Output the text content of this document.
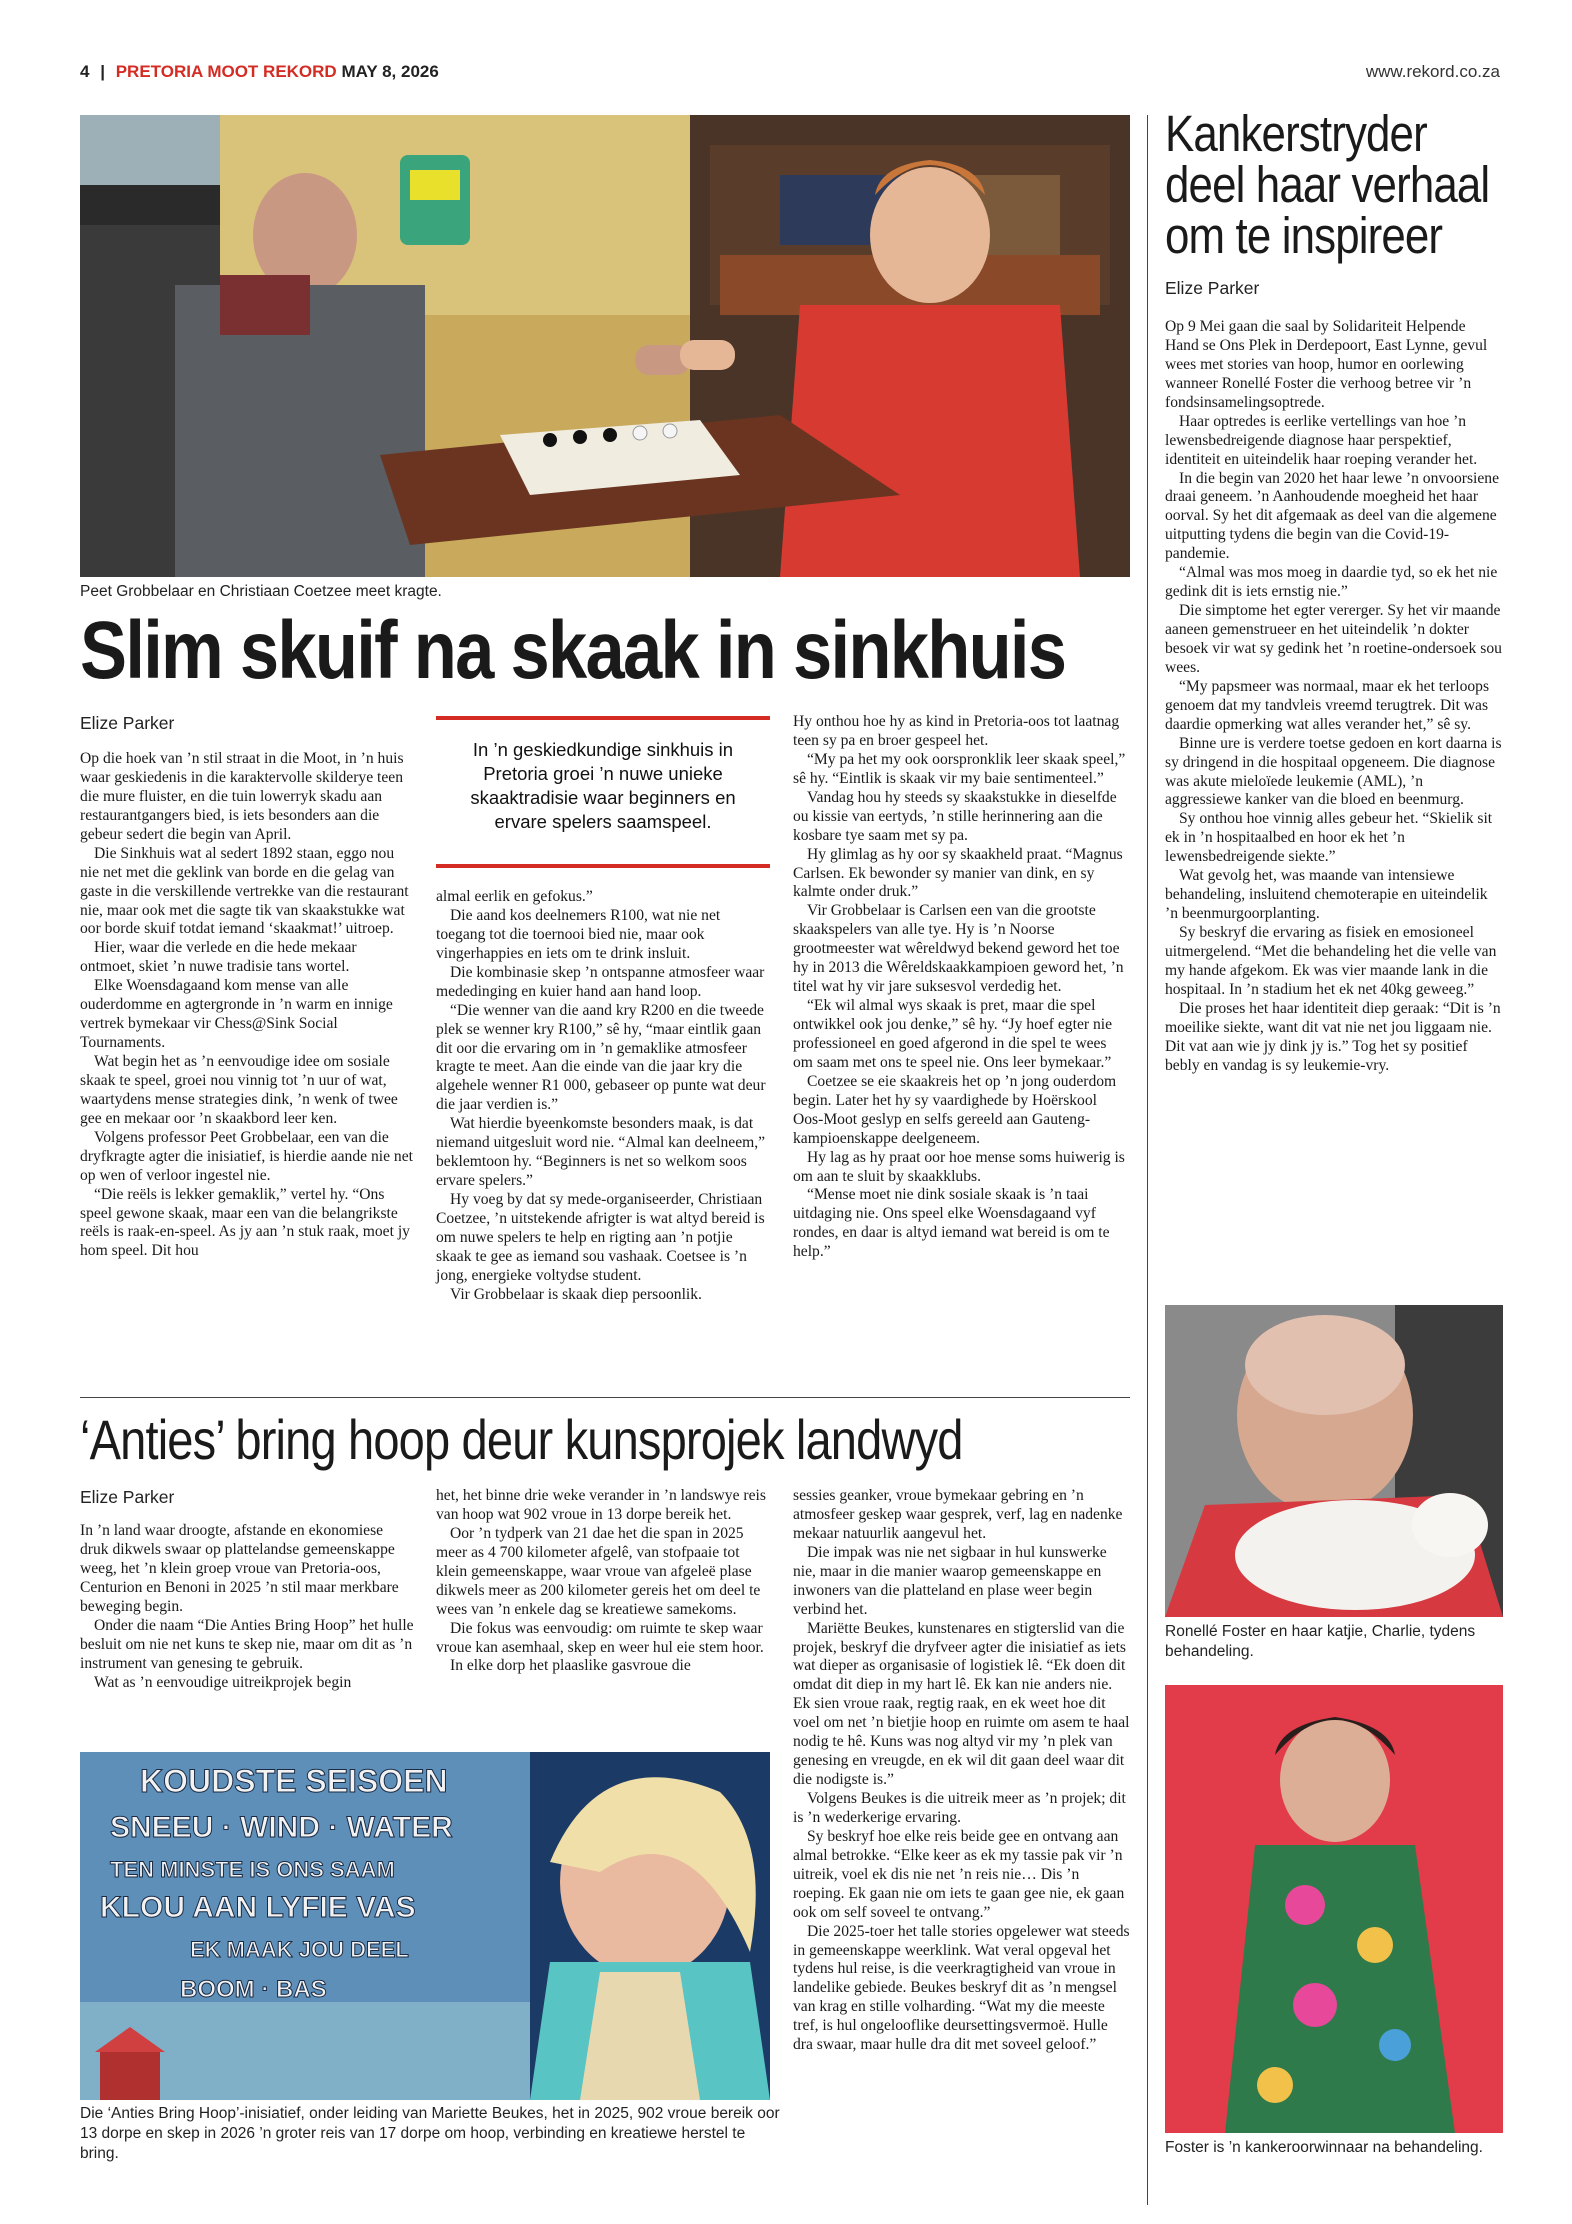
4 | PRETORIA MOOT REKORD MAY 8, 2026	www.rekord.co.za
Peet Grobbelaar en Christiaan Coetzee meet kragte.
Slim skuif na skaak in sinkhuis
Elize Parker

Op die hoek van ’n stil straat in die Moot, in ’n huis waar geskiedenis in die karaktervolle skilderye teen die mure fluister, en die tuin lowerryk skadu aan restaurantgangers bied, is iets besonders aan die gebeur sedert die begin van April.

Die Sinkhuis wat al sedert 1892 staan, eggo nou nie net met die geklink van borde en die gelag van gaste in die verskillende vertrekke van die restaurant nie, maar ook met die sagte tik van skaakstukke wat oor borde skuif totdat iemand ‘skaakmat!’ uitroep.

Hier, waar die verlede en die hede mekaar ontmoet, skiet ’n nuwe tradisie tans wortel.

Elke Woensdagaand kom mense van alle ouderdomme en agtergronde in ’n warm en innige vertrek bymekaar vir Chess@Sink Social Tournaments.

Wat begin het as ’n eenvoudige idee om sosiale skaak te speel, groei nou vinnig tot ’n uur of wat, waartydens mense strategies dink, ’n wenk of twee gee en mekaar oor ’n skaakbord leer ken.

Volgens professor Peet Grobbelaar, een van die dryfkragte agter die inisiatief, is hierdie aande nie net op wen of verloor ingestel nie.

“Die reëls is lekker gemaklik,” vertel hy. “Ons speel gewone skaak, maar een van die belangrikste reëls is raak-en-speel. As jy aan ’n stuk raak, moet jy hom speel. Dit hou

In ’n geskiedkundige sinkhuis in Pretoria groei ’n nuwe unieke skaaktradisie waar beginners en ervare spelers saamspeel.

almal eerlik en gefokus.”

Die aand kos deelnemers R100, wat nie net toegang tot die toernooi bied nie, maar ook vingerhappies en iets om te drink insluit.

Die kombinasie skep ’n ontspanne atmosfeer waar mededinging en kuier hand aan hand loop.

“Die wenner van die aand kry R200 en die tweede plek se wenner kry R100,” sê hy, “maar eintlik gaan dit oor die ervaring om in ’n gemaklike atmosfeer kragte te meet. Aan die einde van die jaar kry die algehele wenner R1 000, gebaseer op punte wat deur die jaar verdien is.”

Wat hierdie byeenkomste besonders maak, is dat niemand uitgesluit word nie. “Almal kan deelneem,” beklemtoon hy. “Beginners is net so welkom soos ervare spelers.”

Hy voeg by dat sy mede-organiseerder, Christiaan Coetzee, ’n uitstekende afrigter is wat altyd bereid is om nuwe spelers te help en rigting aan ’n potjie skaak te gee as iemand sou vashaak. Coetsee is ’n jong, energieke voltydse student.

Vir Grobbelaar is skaak diep persoonlik.

Hy onthou hoe hy as kind in Pretoria-oos tot laatnag teen sy pa en broer gespeel het.

“My pa het my ook oorspronklik leer skaak speel,” sê hy. “Eintlik is skaak vir my baie sentimenteel.”

Vandag hou hy steeds sy skaakstukke in dieselfde ou kissie van eertyds, ’n stille herinnering aan die kosbare tye saam met sy pa.

Hy glimlag as hy oor sy skaakheld praat. “Magnus Carlsen. Ek bewonder sy manier van dink, en sy kalmte onder druk.”

Vir Grobbelaar is Carlsen een van die grootste skaakspelers van alle tye. Hy is ’n Noorse grootmeester wat wêreldwyd bekend geword het toe hy in 2013 die Wêreldskaakkampioen geword het, ’n titel wat hy vir jare suksesvol verdedig het.

“Ek wil almal wys skaak is pret, maar die spel ontwikkel ook jou denke,” sê hy. “Jy hoef egter nie professioneel en goed afgerond in die spel te wees om saam met ons te speel nie. Ons leer bymekaar.”

Coetzee se eie skaakreis het op ’n jong ouderdom begin. Later het hy sy vaardighede by Hoërskool Oos-Moot geslyp en selfs gereeld aan Gauteng-kampioenskappe deelgeneem.

Hy lag as hy praat oor hoe mense soms huiwerig is om aan te sluit by skaakklubs.

“Mense moet nie dink sosiale skaak is ’n taai uitdaging nie. Ons speel elke Woensdagaand vyf rondes, en daar is altyd iemand wat bereid is om te help.”

‘Anties’ bring hoop deur kunsprojek landwyd
Elize Parker

In ’n land waar droogte, afstande en ekonomiese druk dikwels swaar op plattelandse gemeenskappe weeg, het ’n klein groep vroue van Pretoria-oos, Centurion en Benoni in 2025 ’n stil maar merkbare beweging begin.

Onder die naam “Die Anties Bring Hoop” het hulle besluit om nie net kuns te skep nie, maar om dit as ’n instrument van genesing te gebruik.

Wat as ’n eenvoudige uitreikprojek begin

het, het binne drie weke verander in ’n landswye reis van hoop wat 902 vroue in 13 dorpe bereik het.

Oor ’n tydperk van 21 dae het die span in 2025 meer as 4 700 kilometer afgelê, van stofpaaie tot klein gemeenskappe, waar vroue van afgeleë plase dikwels meer as 200 kilometer gereis het om deel te wees van ’n enkele dag se kreatiewe samekoms.

Die fokus was eenvoudig: om ruimte te skep waar vroue kan asemhaal, skep en weer hul eie stem hoor.

In elke dorp het plaaslike gasvroue die

KOUDSTE SEISOEN
SNEEU · WIND · WATER
TEN MINSTE IS ONS SAAM
KLOU AAN LYFIE VAS
EK MAAK JOU DEEL
BOOM · BAS
Die ‘Anties Bring Hoop’-inisiatief, onder leiding van Mariette Beukes, het in 2025, 902 vroue bereik oor 13 dorpe en skep in 2026 ’n groter reis van 17 dorpe om hoop, verbinding en kreatiewe herstel te bring.

sessies geanker, vroue bymekaar gebring en ’n atmosfeer geskep waar gesprek, verf, lag en nadenke mekaar natuurlik aangevul het.

Die impak was nie net sigbaar in hul kunswerke nie, maar in die manier waarop gemeenskappe en inwoners van die platteland en plase weer begin verbind het.

Mariëtte Beukes, kunstenares en stigterslid van die projek, beskryf die dryfveer agter die inisiatief as iets wat dieper as organisasie of logistiek lê. “Ek doen dit omdat dit diep in my hart lê. Ek kan nie anders nie. Ek sien vroue raak, regtig raak, en ek weet hoe dit voel om net ’n bietjie hoop en ruimte om asem te haal nodig te hê. Kuns was nog altyd vir my ’n plek van genesing en vreugde, en ek wil dit gaan deel waar dit die nodigste is.”

Volgens Beukes is die uitreik meer as ’n projek; dit is ’n wederkerige ervaring.

Sy beskryf hoe elke reis beide gee en ontvang aan almal betrokke. “Elke keer as ek my tassie pak vir ’n uitreik, voel ek dis nie net ’n reis nie… Dis ’n roeping. Ek gaan nie om iets te gaan gee nie, ek gaan ook om self soveel te ontvang.”

Die 2025-toer het talle stories opgelewer wat steeds in gemeenskappe weerklink. Wat veral opgeval het tydens hul reise, is die veerkragtigheid van vroue in landelike gebiede. Beukes beskryf dit as ’n mengsel van krag en stille volharding. “Wat my die meeste tref, is hul ongelooflike deursettingsvermoë. Hulle dra swaar, maar hulle dra dit met soveel geloof.”

Kankerstryder deel haar verhaal om te inspireer
Elize Parker

Op 9 Mei gaan die saal by Solidariteit Helpende Hand se Ons Plek in Derdepoort, East Lynne, gevul wees met stories van hoop, humor en oorlewing wanneer Ronellé Foster die verhoog betree vir ’n fondsinsamelingsoptrede.

Haar optredes is eerlike vertellings van hoe ’n lewensbedreigende diagnose haar perspektief, identiteit en uiteindelik haar roeping verander het.

In die begin van 2020 het haar lewe ’n onvoorsiene draai geneem. ’n Aanhoudende moegheid het haar oorval. Sy het dit afgemaak as deel van die algemene uitputting tydens die begin van die Covid-19-pandemie.

“Almal was mos moeg in daardie tyd, so ek het nie gedink dit is iets ernstig nie.”

Die simptome het egter vererger. Sy het vir maande aaneen gemenstrueer en het uiteindelik ’n dokter besoek vir wat sy gedink het ’n roetine-ondersoek sou wees.

“My papsmeer was normaal, maar ek het terloops genoem dat my tandvleis vreemd terugtrek. Dit was daardie opmerking wat alles verander het,” sê sy.

Binne ure is verdere toetse gedoen en kort daarna is sy dringend in die hospitaal opgeneem. Die diagnose was akute mieloïede leukemie (AML), ’n aggressiewe kanker van die bloed en beenmurg.

Sy onthou hoe vinnig alles gebeur het. “Skielik sit ek in ’n hospitaalbed en hoor ek het ’n lewensbedreigende siekte.”

Wat gevolg het, was maande van intensiewe behandeling, insluitend chemoterapie en uiteindelik ’n beenmurgoorplanting.

Sy beskryf die ervaring as fisiek en emosioneel uitmergelend. “Met die behandeling het die velle van my hande afgekom. Ek was vier maande lank in die hospitaal. In ’n stadium het ek net 40kg geweeg.”

Die proses het haar identiteit diep geraak: “Dit is ’n moeilike siekte, want dit vat nie net jou liggaam nie. Dit vat aan wie jy dink jy is.” Tog het sy positief bebly en vandag is sy leukemie-vry.

Ronellé Foster en haar katjie, Charlie, tydens behandeling.
Foster is ’n kankeroorwinnaar na behandeling.
